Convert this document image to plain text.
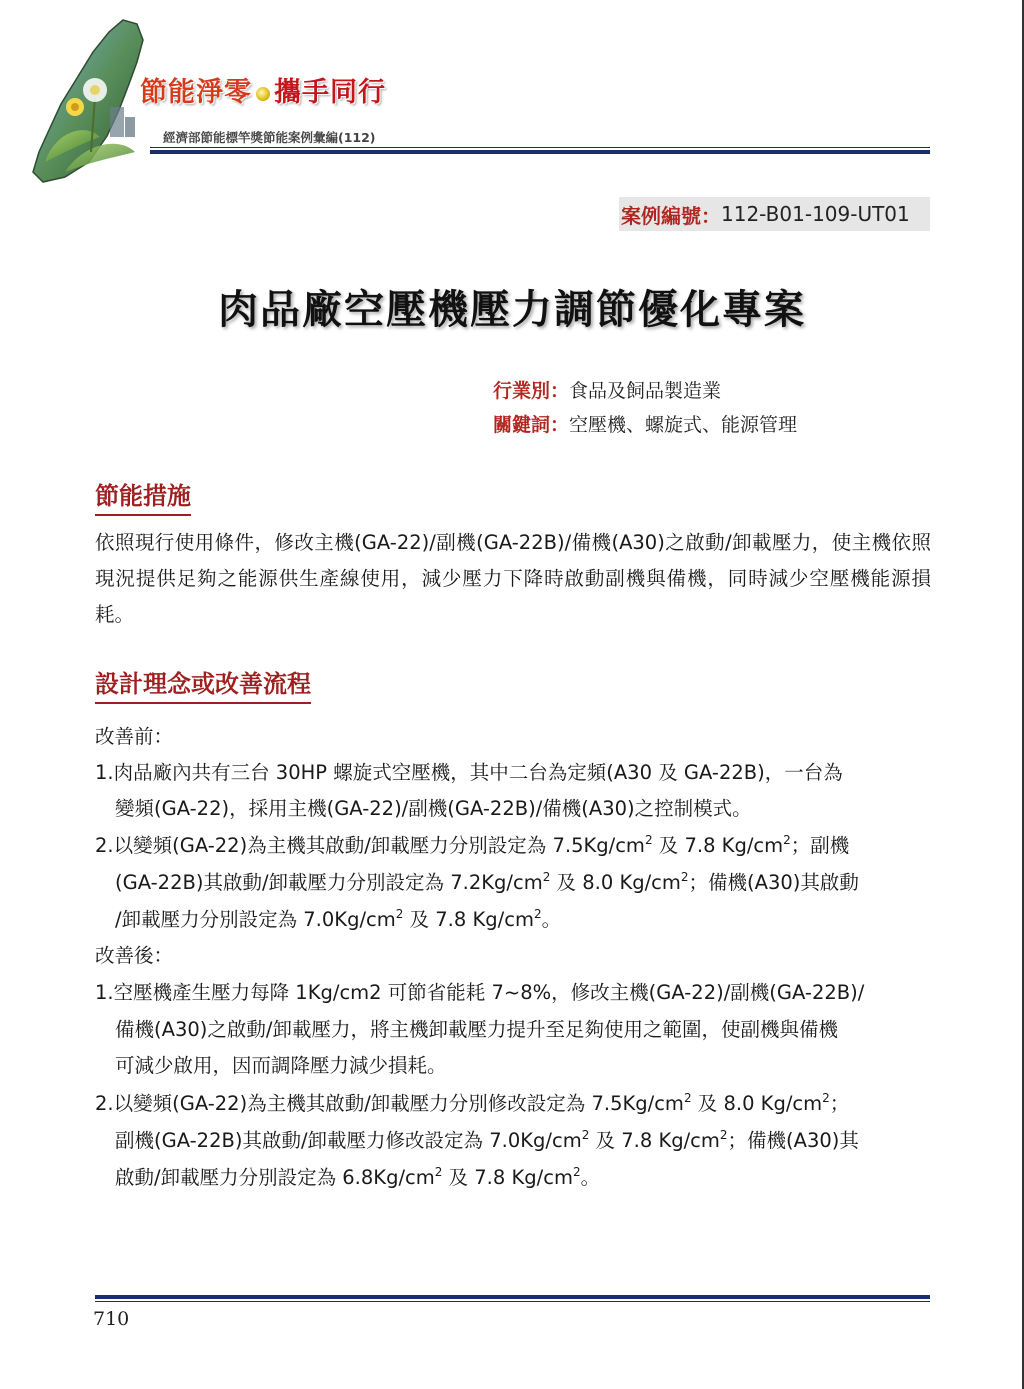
節能淨零 攜手同行
經濟部節能標竿獎節能案例彙編(112)
案例編號： 112-B01-109-UT01
肉品廠空壓機壓力調節優化專案
行業別：食品及飼品製造業
關鍵詞：空壓機、螺旋式、能源管理
節能措施
依照現行使用條件，修改主機(GA-22)/副機(GA-22B)/備機(A30)之啟動/卸載壓力，使主機依照現況提供足夠之能源供生產線使用，減少壓力下降時啟動副機與備機，同時減少空壓機能源損耗。
設計理念或改善流程
改善前：
1.肉品廠內共有三台 30HP 螺旋式空壓機，其中二台為定頻(A30 及 GA-22B)，一台為
變頻(GA-22)，採用主機(GA-22)/副機(GA-22B)/備機(A30)之控制模式。
2.以變頻(GA-22)為主機其啟動/卸載壓力分別設定為 $7.5Kg/cm^2$ 及 7.8 $Kg/cm^2$；副機
(GA-22B)其啟動/卸載壓力分別設定為 $7.2Kg/cm^2$ 及 8.0 $Kg/cm^2$；備機(A30)其啟動
/卸載壓力分別設定為 $7.0Kg/cm^2$ 及 7.8 $Kg/cm^2$。
改善後：
1.空壓機產生壓力每降 1Kg/cm2 可節省能耗 7~8%，修改主機(GA-22)/副機(GA-22B)/
備機(A30)之啟動/卸載壓力，將主機卸載壓力提升至足夠使用之範圍，使副機與備機
可減少啟用，因而調降壓力減少損耗。
2.以變頻(GA-22)為主機其啟動/卸載壓力分別修改設定為 $7.5Kg/cm^2$ 及 8.0 $Kg/cm^2$；
副機(GA-22B)其啟動/卸載壓力修改設定為 $7.0Kg/cm^2$ 及 7.8 $Kg/cm^2$；備機(A30)其
啟動/卸載壓力分別設定為 $6.8Kg/cm^2$ 及 7.8 $Kg/cm^2$。
710
